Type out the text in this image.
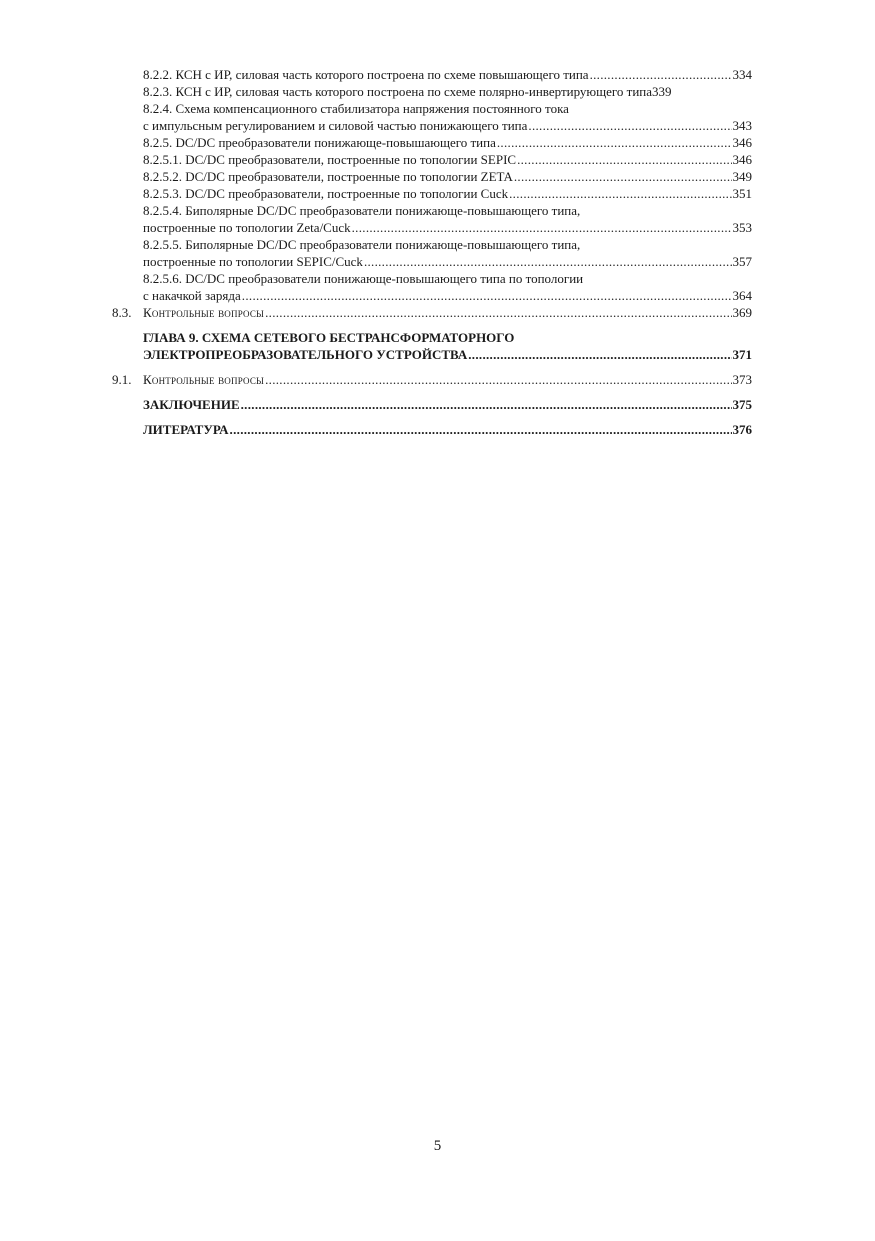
8.2.2. КСН с ИР, силовая часть которого построена по схеме повышающего типа .....	334
8.2.3. КСН с ИР, силовая часть которого построена по схеме полярно-инвертирующего типа 339
8.2.4. Схема компенсационного стабилизатора напряжения постоянного тока
с импульсным регулированием и силовой частью понижающего типа .....	343
8.2.5. DC/DC преобразователи понижающе-повышающего типа .....	346
8.2.5.1. DC/DC преобразователи, построенные по топологии SEPIC .....	346
8.2.5.2. DC/DC преобразователи, построенные по топологии ZETA .....	349
8.2.5.3. DC/DC преобразователи, построенные по топологии Cuck .....	351
8.2.5.4. Биполярные DC/DC преобразователи понижающе-повышающего типа,
построенные по топологии Zeta/Cuck .....	353
8.2.5.5. Биполярные DC/DC преобразователи понижающе-повышающего типа,
построенные по топологии SEPIC/Cuck .....	357
8.2.5.6. DC/DC преобразователи понижающе-повышающего типа по топологии
с накачкой заряда .....	364
8.3. Контрольные вопросы .....	369
ГЛАВА 9. СХЕМА СЕТЕВОГО БЕСТРАНСФОРМАТОРНОГО
ЭЛЕКТРОПРЕОБРАЗОВАТЕЛЬНОГО УСТРОЙСТВА .....	371
9.1. Контрольные вопросы .....	373
ЗАКЛЮЧЕНИЕ .....	375
ЛИТЕРАТУРА .....	376
5
